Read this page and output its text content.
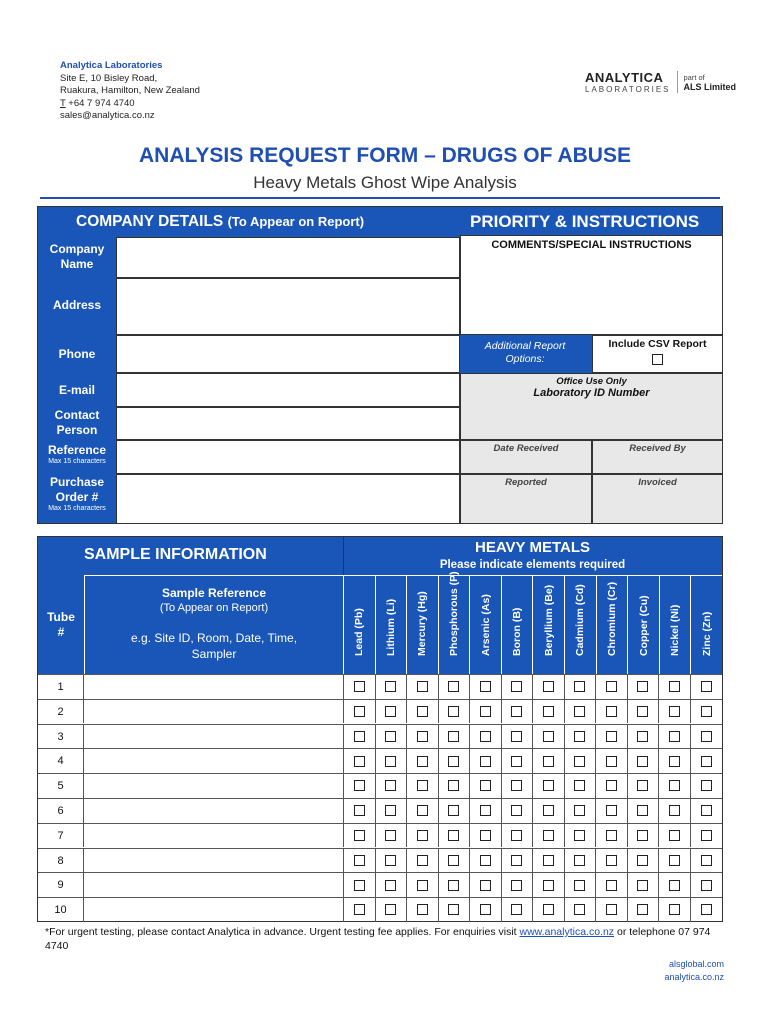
Analytica Laboratories
Site E, 10 Bisley Road,
Ruakura, Hamilton, New Zealand
T +64 7 974 4740
sales@analytica.co.nz
ANALYTICA
LABORATORIES
part of
ALS Limited
ANALYSIS REQUEST FORM – DRUGS OF ABUSE
Heavy Metals Ghost Wipe Analysis
COMPANY DETAILS (To Appear on Report)	PRIORITY & INSTRUCTIONS
Company Name
Address
Phone
E-mail
Contact Person
Reference
Max 15 characters
Purchase Order #
Max 15 characters
COMMENTS/SPECIAL INSTRUCTIONS
Additional Report Options:
Include CSV Report
Office Use Only
Laboratory ID Number
Date Received	Received By
Reported	Invoiced
SAMPLE INFORMATION
Tube #
Sample Reference
(To Appear on Report)
e.g. Site ID, Room, Date, Time, Sampler
HEAVY METALS
Please indicate elements required
Lead (Pb) Lithium (Li) Mercury (Hg) Phosphorous (P) Arsenic (As) Boron (B) Beryllium (Be) Cadmium (Cd) Chromium (Cr) Copper (Cu) Nickel (Ni) Zinc (Zn)
1
2
3
4
5
6
7
8
9
10
*For urgent testing, please contact Analytica in advance. Urgent testing fee applies. For enquiries visit www.analytica.co.nz or telephone 07 974 4740
alsglobal.com
analytica.co.nz
